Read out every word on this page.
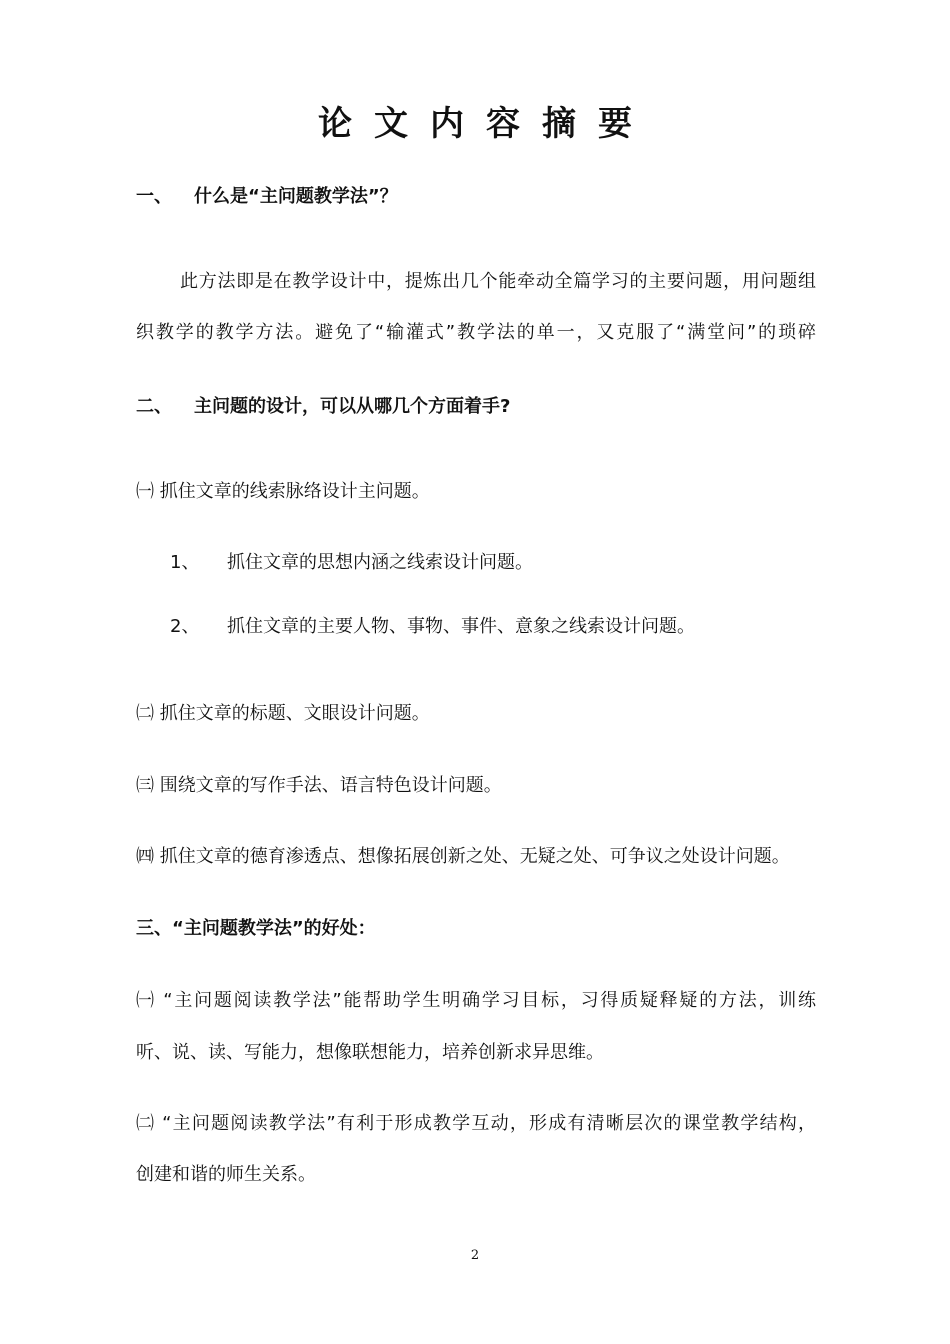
论文内容摘要
一、 什么是“主问题教学法”？
此方法即是在教学设计中，提炼出几个能牵动全篇学习的主要问题，用问题组
织教学的教学方法。避免了“输灌式”教学法的单一，又克服了“满堂问”的琐碎
二、 主问题的设计，可以从哪几个方面着手?
㈠ 抓住文章的线索脉络设计主问题。
1、 抓住文章的思想内涵之线索设计问题。
2、 抓住文章的主要人物、事物、事件、意象之线索设计问题。
㈡ 抓住文章的标题、文眼设计问题。
㈢ 围绕文章的写作手法、语言特色设计问题。
㈣ 抓住文章的德育渗透点、想像拓展创新之处、无疑之处、可争议之处设计问题。
三、“主问题教学法”的好处：
㈠ “主问题阅读教学法”能帮助学生明确学习目标，习得质疑释疑的方法，训练
听、说、读、写能力，想像联想能力，培养创新求异思维。
㈡ “主问题阅读教学法”有利于形成教学互动，形成有清晰层次的课堂教学结构，
创建和谐的师生关系。
2
